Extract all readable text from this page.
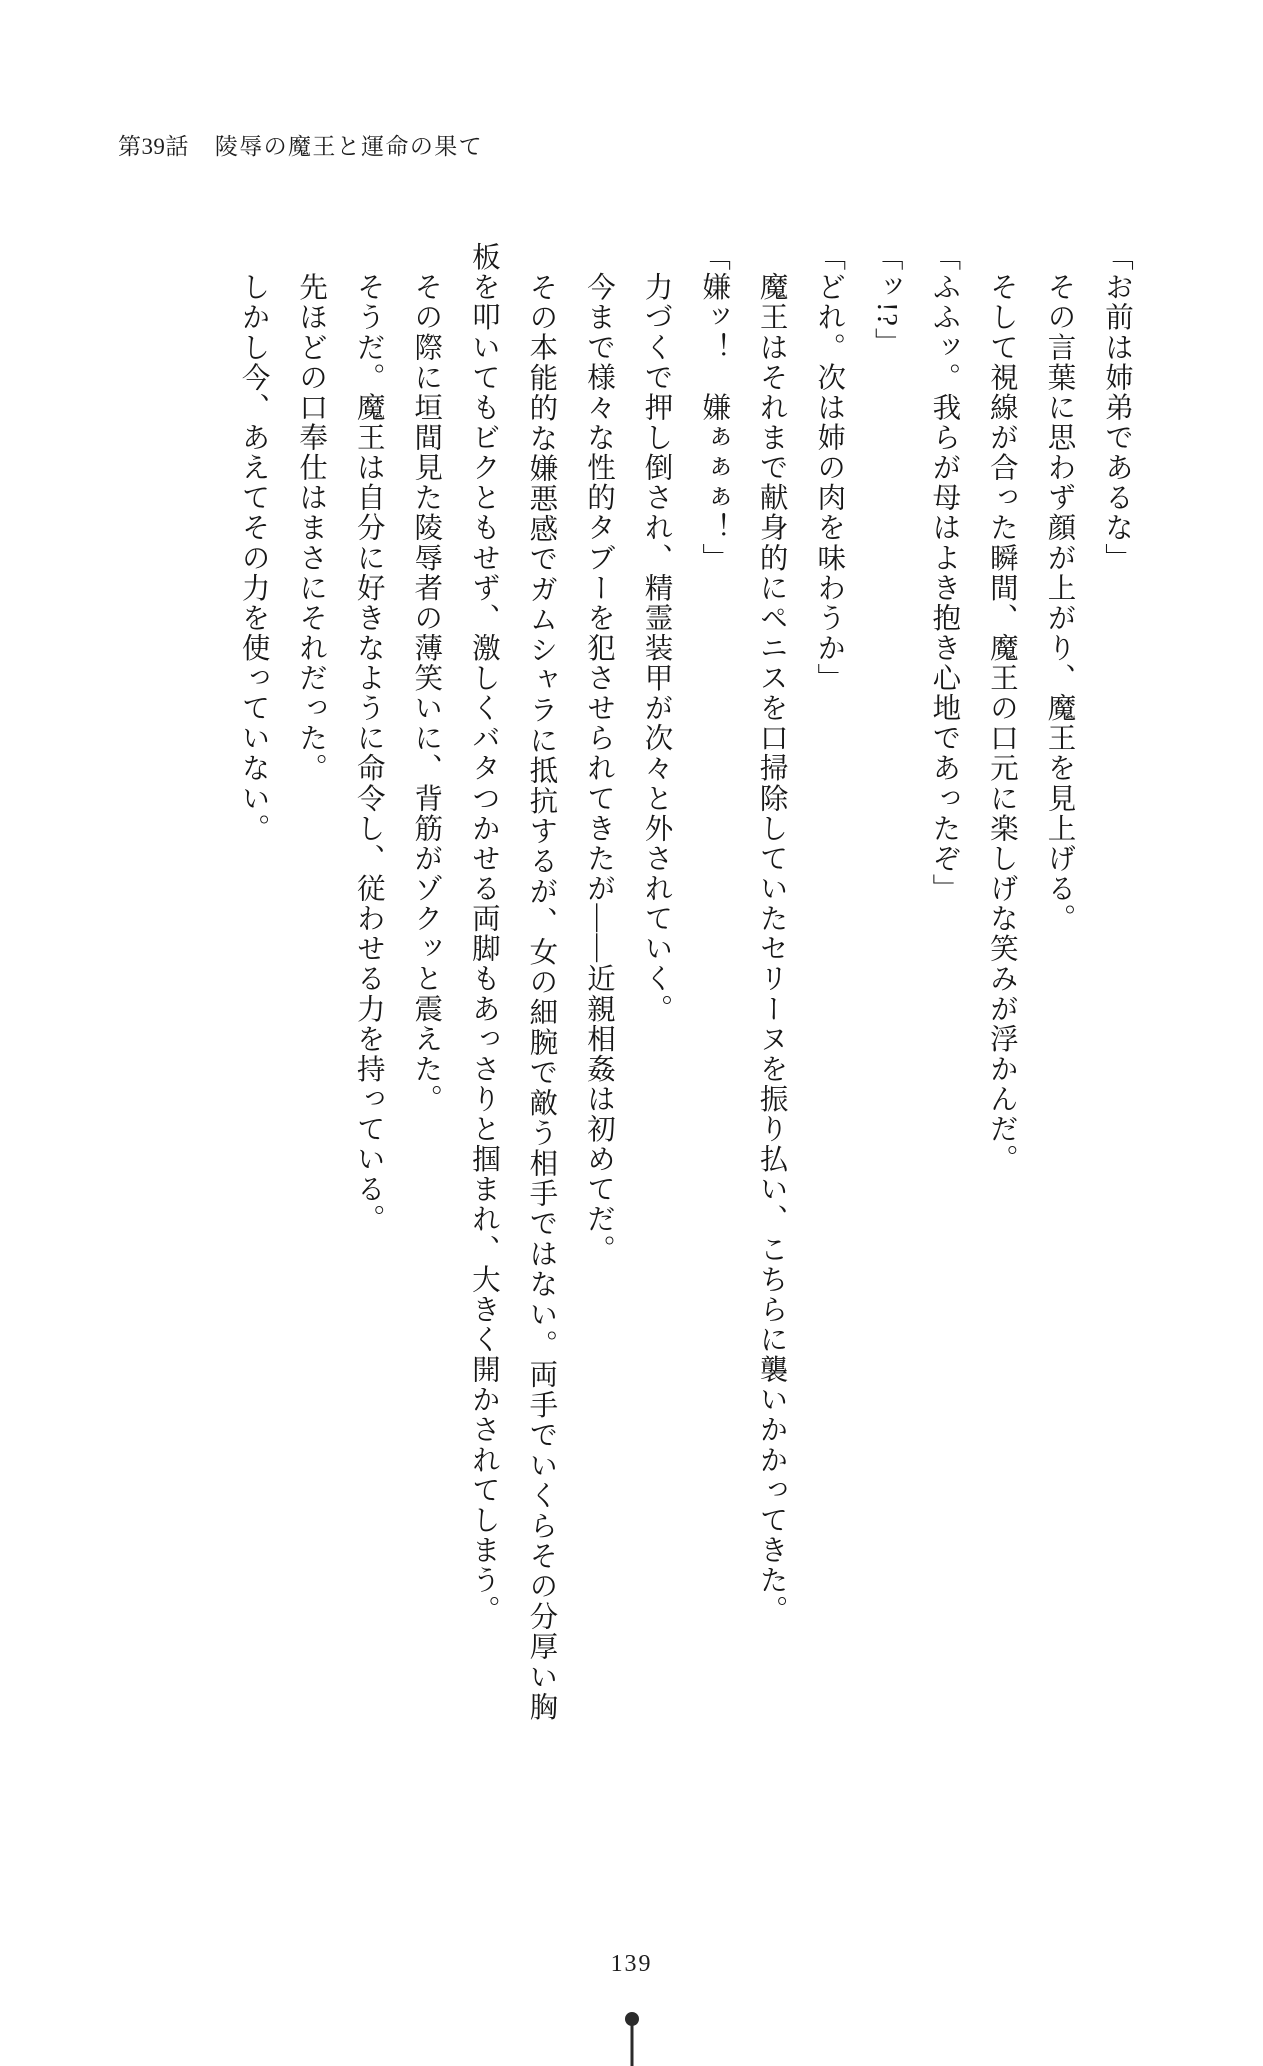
第39話 陵辱の魔王と運命の果て

「お前は姉弟であるな」

　その言葉に思わず顔が上がり、魔王を見上げる。

　そして視線が合った瞬間、魔王の口元に楽しげな笑みが浮かんだ。

「ふふッ。我らが母はよき抱き心地であったぞ」

「ッ!?」

「どれ。次は姉の肉を味わうか」

　魔王はそれまで献身的にペニスを口掃除していたセリーヌを振り払い、こちらに襲いかかってきた。

「嫌ッ！　嫌ぁぁぁ！」

　力づくで押し倒され、精霊装甲が次々と外されていく。

　今まで様々な性的タブーを犯させられてきたが——近親相姦は初めてだ。

　その本能的な嫌悪感でガムシャラに抵抗するが、女の細腕で敵う相手ではない。両手でいくらその分厚い胸板を叩いてもビクともせず、激しくバタつかせる両脚もあっさりと掴まれ、大きく開かされてしまう。

　その際に垣間見た陵辱者の薄笑いに、背筋がゾクッと震えた。

　そうだ。魔王は自分に好きなように命令し、従わせる力を持っている。

　先ほどの口奉仕はまさにそれだった。

　しかし今、あえてその力を使っていない。

139
